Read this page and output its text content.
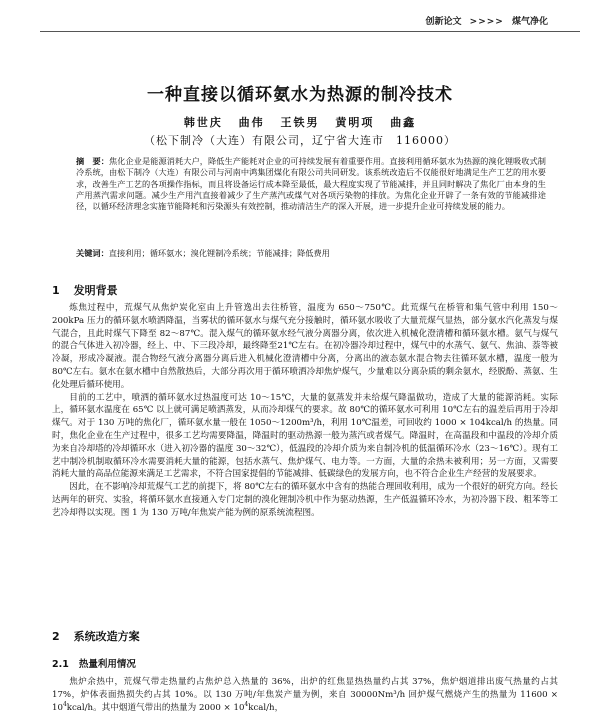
创新论文 >>>> 煤气净化
一种直接以循环氨水为热源的制冷技术
韩世庆 曲伟 王铁男 黄明项 曲鑫
（松下制冷（大连）有限公司，辽宁省大连市　116000）

摘　要：焦化企业是能源消耗大户，降低生产能耗对企业的可持续发展有着重要作用。直接利用循环氨水为热源的溴化锂吸收式制冷系统，由松下制冷（大连）有限公司与河南中鸿集团煤化有限公司共同研发。该系统改造后不仅能很好地满足生产工艺的用水要求，改善生产工艺的各项操作指标，而且将设备运行成本降至最低，最大程度实现了节能减排，并且同时解决了焦化厂由本身的生产用蒸汽需求问题。减少生产用汽直接着减少了生产蒸汽或煤气对各项污染物的排放。为焦化企业开辟了一条有效的节能减排途径，以循环经济理念实施节能降耗和污染源头有效控制，推动清洁生产的深入开展，进一步提升企业可持续发展的能力。

关键词：直接利用；循环氨水；溴化锂制冷系统；节能减排；降低费用

1 发明背景

炼焦过程中，荒煤气从焦炉炭化室由上升管逸出去往桥管，温度为 650～750℃。此荒煤气在桥管和集气管中利用 150～200kPa 压力的循环氨水喷洒降温，当雾状的循环氨水与煤气充分接触时，循环氨水吸收了大量荒煤气显热，部分氨水汽化蒸发与煤气混合，且此时煤气下降至 82～87℃。混入煤气的循环氨水经气液分离器分离，依次进入机械化澄清槽和循环氨水槽。氨气与煤气的混合气体进入初冷器，经上、中、下三段冷却，最终降至21℃左右。在初冷器冷却过程中，煤气中的水蒸气、氨气、焦油、萘等被冷凝，形成冷凝液。混合物经气液分离器分离后进入机械化澄清槽中分离，分离出的液态氨水混合物去往循环氨水槽，温度一般为 80℃左右。氨水在氨水槽中自然散热后，大部分再次用于循环喷洒冷却焦炉煤气，少量难以分离杂质的剩余氨水，经脱酚、蒸氨、生化处理后循环使用。

目前的工艺中，喷洒的循环氨水过热温度可达 10～15℃，大量的氨蒸发并未给煤气降温做功，造成了大量的能源消耗。实际上，循环氨水温度在 65℃ 以上就可满足喷洒蒸发，从而冷却煤气的要求。故 80℃的循环氨水可利用 10℃左右的温差后再用于冷却煤气。对于 130 万吨的焦化厂，循环氨水量一般在 1050～1200m³/h，利用 10℃温差，可回收约 1000 × 104kcal/h 的热量。同时，焦化企业在生产过程中，很多工艺均需要降温，降温时的驱动热源一般为蒸汽或者煤气。降温时，在高温段和中温段的冷却介质为来自冷却塔的冷却循环水（进入初冷器的温度 30～32℃），低温段的冷却介质为来自制冷机的低温循环冷水（23～16℃）。现有工艺中制冷机制取循环冷水需要消耗大量的能源，包括水蒸气、焦炉煤气、电力等。一方面，大量的余热未被利用；另一方面，又需要消耗大量的高品位能源来满足工艺需求，不符合国家提倡的节能减排、低碳绿色的发展方向，也不符合企业生产经营的发展要求。

因此，在不影响冷却荒煤气工艺的前提下，将 80℃左右的循环氨水中含有的热能合理回收利用，成为一个很好的研究方向。经长达两年的研究、实验，将循环氨水直接通入专门定制的溴化锂制冷机中作为驱动热源，生产低温循环冷水，为初冷器下段、粗苯等工艺冷却得以实现。图 1 为 130 万吨/年焦炭产能为例的原系统流程图。

2 系统改造方案

2.1 热量利用情况

焦炉余热中，荒煤气带走热量约占焦炉总入热量的 36%，出炉的红焦显热热量约占其 37%，焦炉烟道排出废气热量约占其 17%，炉体表面热损失约占其 10%。以 130 万吨/年焦炭产量为例，来自 30000Nm³/h 回炉煤气燃烧产生的热量为 $11600 \times 10^4kcal/h$。其中烟道气带出的热量为 $2000 \times 10^4kcal/h$，
